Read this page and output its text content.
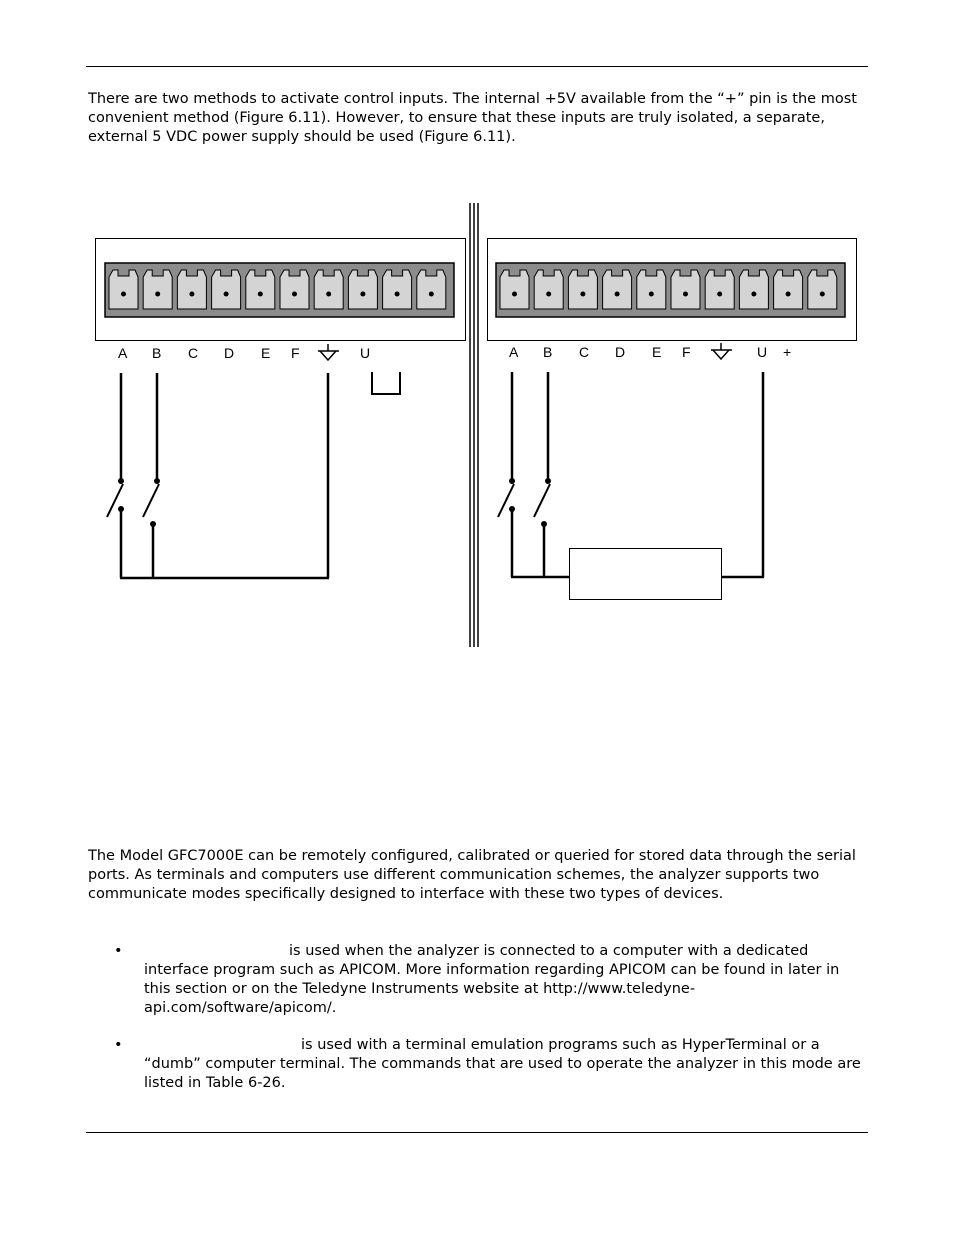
There are two methods to activate control inputs. The internal +5V available from the “+” pin is the most convenient method (Figure 6.11). However, to ensure that these inputs are truly isolated, a separate, external 5 VDC power supply should be used (Figure 6.11).

A B C D E F	U	A B C D E F	U +

The Model GFC7000E can be remotely configured, calibrated or queried for stored data through the serial ports. As terminals and computers use different communication schemes, the analyzer supports two communicate modes specifically designed to interface with these two types of devices.

•	is used when the analyzer is connected to a computer with a dedicated interface program such as APICOM. More information regarding APICOM can be found in later in this section or on the Teledyne Instruments website at http://www.teledyne-api.com/software/apicom/.

•	is used with a terminal emulation programs such as HyperTerminal or a “dumb” computer terminal. The commands that are used to operate the analyzer in this mode are listed in Table 6-26.
